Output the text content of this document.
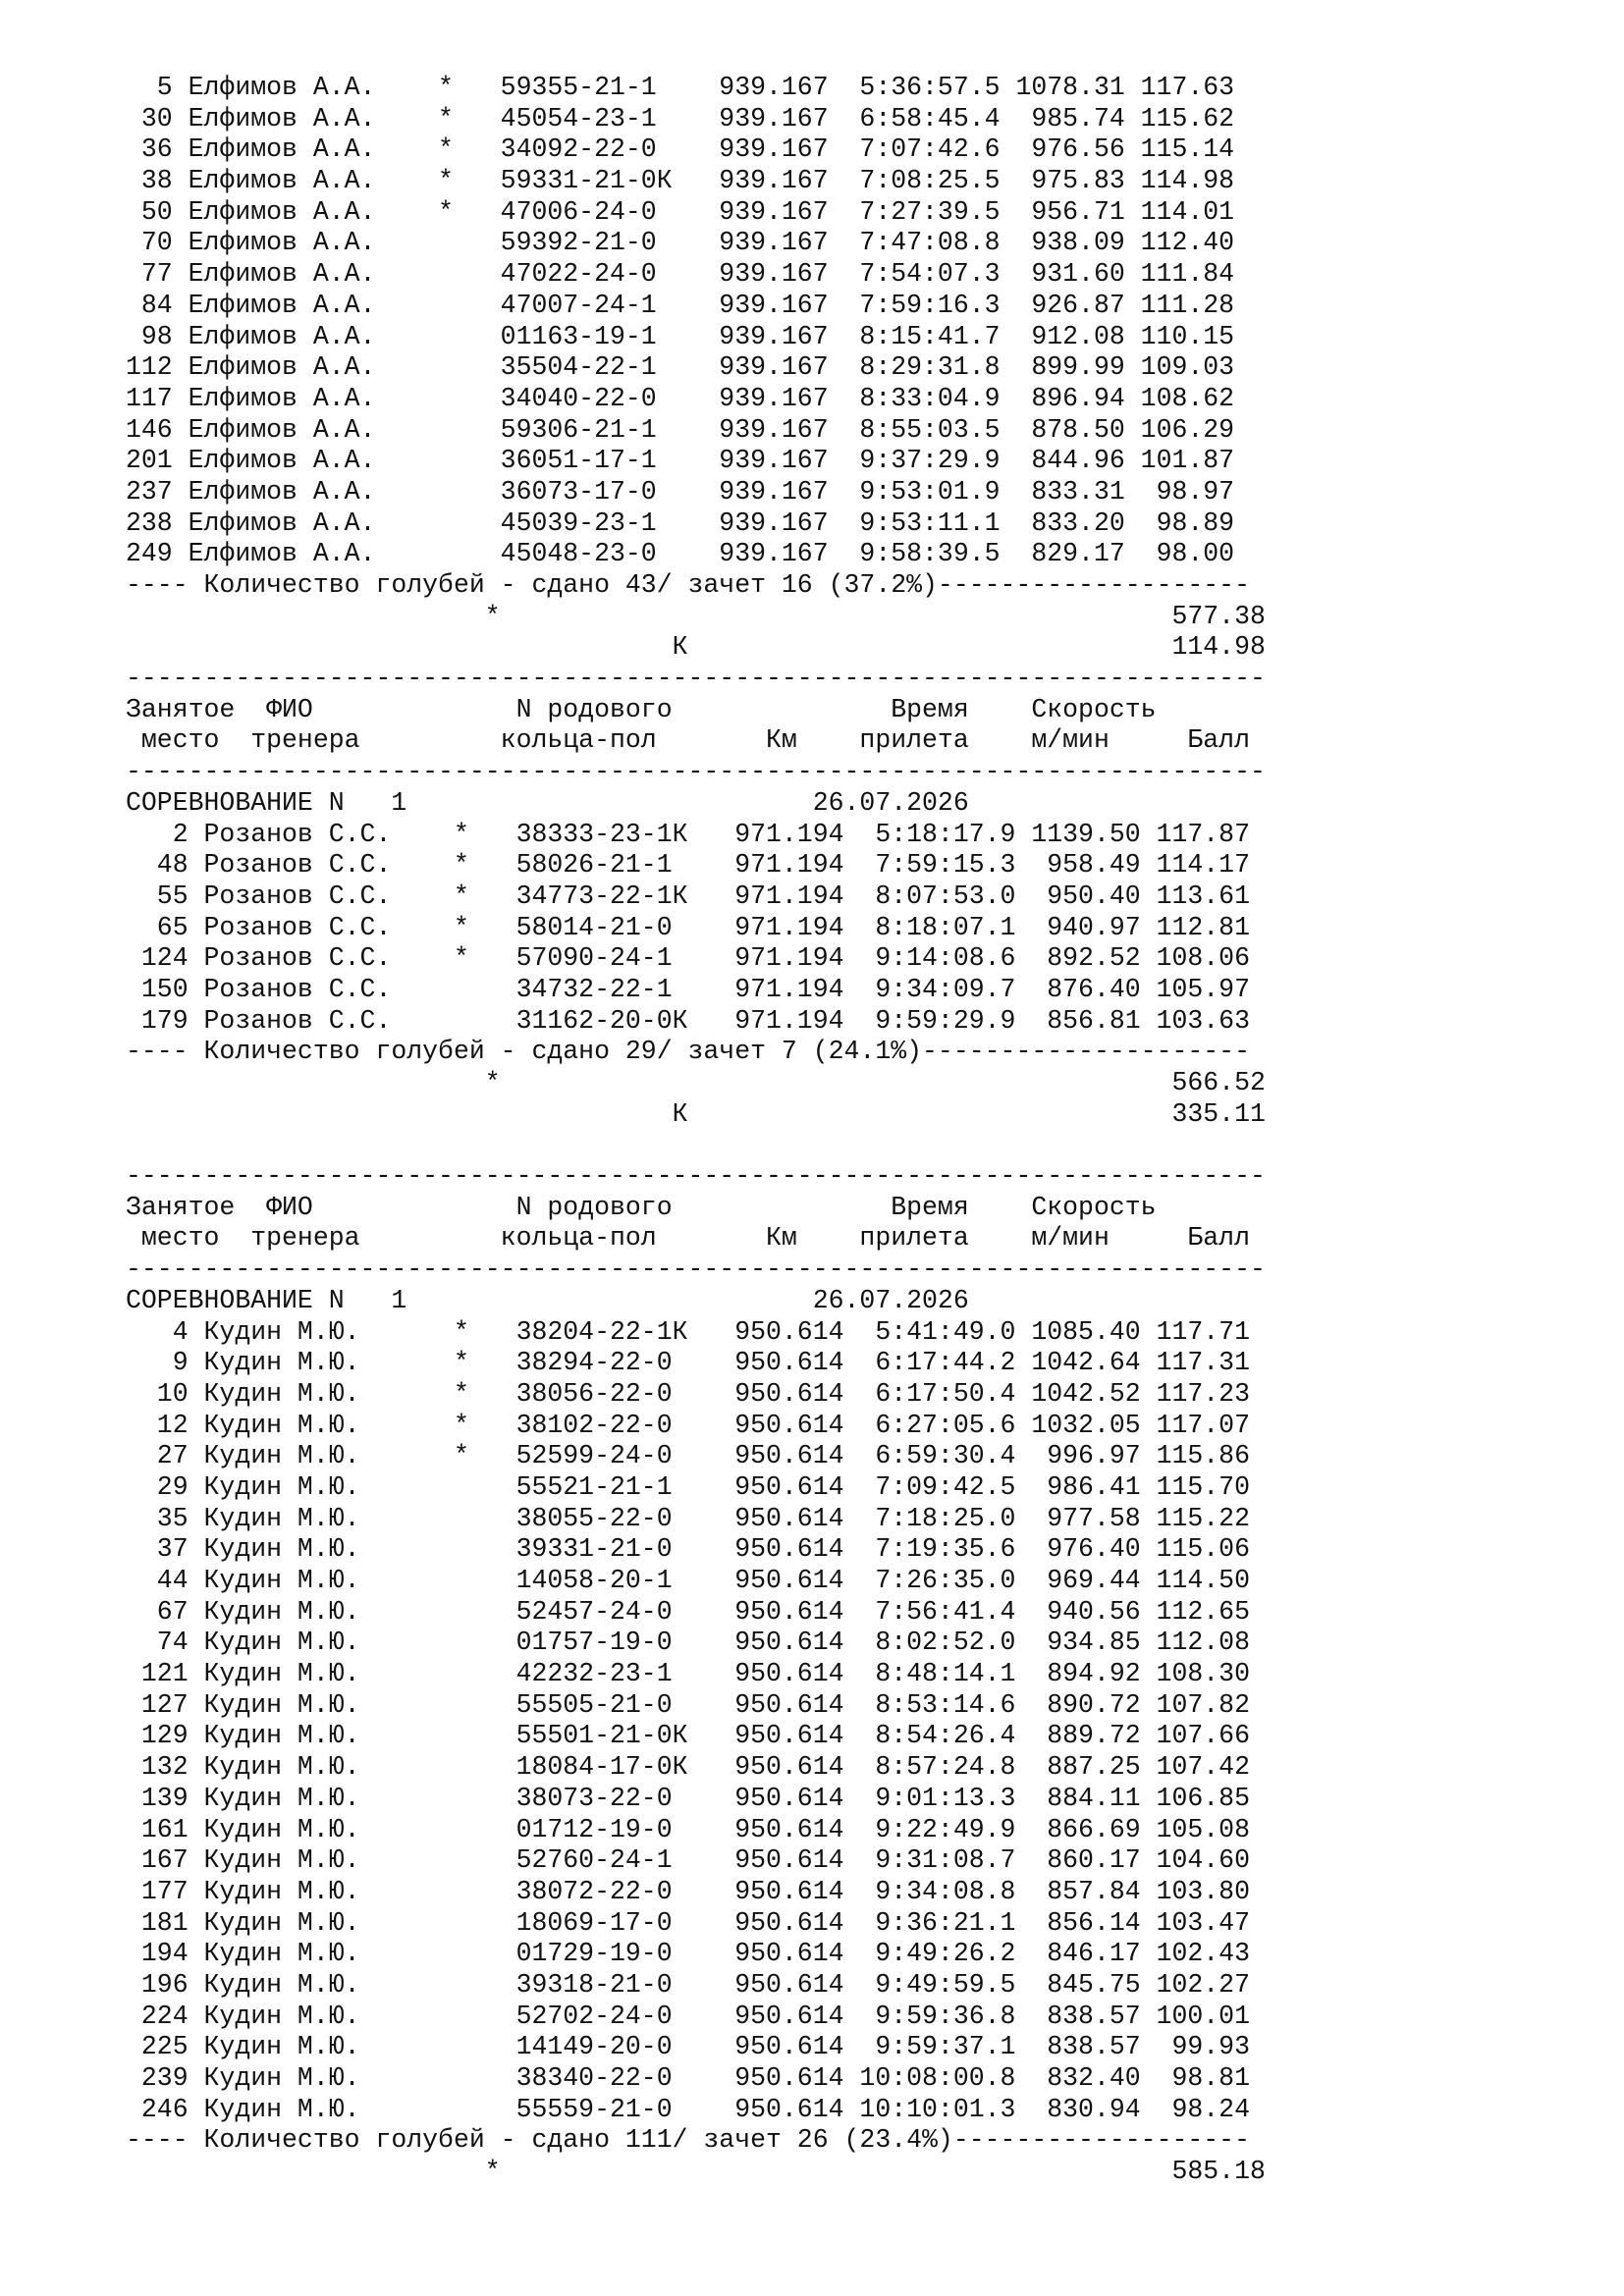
5 Елфимов А.А.    *   59355-21-1    939.167  5:36:57.5 1078.31 117.63
30 Елфимов А.А.    *   45054-23-1    939.167  6:58:45.4  985.74 115.62
36 Елфимов А.А.    *   34092-22-0    939.167  7:07:42.6  976.56 115.14
38 Елфимов А.А.    *   59331-21-0К   939.167  7:08:25.5  975.83 114.98
50 Елфимов А.А.    *   47006-24-0    939.167  7:27:39.5  956.71 114.01
70 Елфимов А.А.        59392-21-0    939.167  7:47:08.8  938.09 112.40
77 Елфимов А.А.        47022-24-0    939.167  7:54:07.3  931.60 111.84
84 Елфимов А.А.        47007-24-1    939.167  7:59:16.3  926.87 111.28
98 Елфимов А.А.        01163-19-1    939.167  8:15:41.7  912.08 110.15
112 Елфимов А.А.        35504-22-1    939.167  8:29:31.8  899.99 109.03
117 Елфимов А.А.        34040-22-0    939.167  8:33:04.9  896.94 108.62
146 Елфимов А.А.        59306-21-1    939.167  8:55:03.5  878.50 106.29
201 Елфимов А.А.        36051-17-1    939.167  9:37:29.9  844.96 101.87
237 Елфимов А.А.        36073-17-0    939.167  9:53:01.9  833.31  98.97
238 Елфимов А.А.        45039-23-1    939.167  9:53:11.1  833.20  98.89
249 Елфимов А.А.        45048-23-0    939.167  9:58:39.5  829.17  98.00
---- Количество голубей - сдано 43/ зачет 16 (37.2%)--------------------
*                                           577.38
К                               114.98
-------------------------------------------------------------------------
Занятое  ФИО             N родового              Время    Скорость
место  тренера         кольца-пол       Км    прилета    м/мин     Балл
-------------------------------------------------------------------------
СОРЕВНОВАНИЕ N   1                          26.07.2026
2 Розанов С.С.    *   38333-23-1К   971.194  5:18:17.9 1139.50 117.87
48 Розанов С.С.    *   58026-21-1    971.194  7:59:15.3  958.49 114.17
55 Розанов С.С.    *   34773-22-1К   971.194  8:07:53.0  950.40 113.61
65 Розанов С.С.    *   58014-21-0    971.194  8:18:07.1  940.97 112.81
124 Розанов С.С.    *   57090-24-1    971.194  9:14:08.6  892.52 108.06
150 Розанов С.С.        34732-22-1    971.194  9:34:09.7  876.40 105.97
179 Розанов С.С.        31162-20-0К   971.194  9:59:29.9  856.81 103.63
---- Количество голубей - сдано 29/ зачет 7 (24.1%)---------------------
*                                           566.52
К                               335.11

-------------------------------------------------------------------------
Занятое  ФИО             N родового              Время    Скорость
место  тренера         кольца-пол       Км    прилета    м/мин     Балл
-------------------------------------------------------------------------
СОРЕВНОВАНИЕ N   1                          26.07.2026
4 Кудин М.Ю.      *   38204-22-1К   950.614  5:41:49.0 1085.40 117.71
9 Кудин М.Ю.      *   38294-22-0    950.614  6:17:44.2 1042.64 117.31
10 Кудин М.Ю.      *   38056-22-0    950.614  6:17:50.4 1042.52 117.23
12 Кудин М.Ю.      *   38102-22-0    950.614  6:27:05.6 1032.05 117.07
27 Кудин М.Ю.      *   52599-24-0    950.614  6:59:30.4  996.97 115.86
29 Кудин М.Ю.          55521-21-1    950.614  7:09:42.5  986.41 115.70
35 Кудин М.Ю.          38055-22-0    950.614  7:18:25.0  977.58 115.22
37 Кудин М.Ю.          39331-21-0    950.614  7:19:35.6  976.40 115.06
44 Кудин М.Ю.          14058-20-1    950.614  7:26:35.0  969.44 114.50
67 Кудин М.Ю.          52457-24-0    950.614  7:56:41.4  940.56 112.65
74 Кудин М.Ю.          01757-19-0    950.614  8:02:52.0  934.85 112.08
121 Кудин М.Ю.          42232-23-1    950.614  8:48:14.1  894.92 108.30
127 Кудин М.Ю.          55505-21-0    950.614  8:53:14.6  890.72 107.82
129 Кудин М.Ю.          55501-21-0К   950.614  8:54:26.4  889.72 107.66
132 Кудин М.Ю.          18084-17-0К   950.614  8:57:24.8  887.25 107.42
139 Кудин М.Ю.          38073-22-0    950.614  9:01:13.3  884.11 106.85
161 Кудин М.Ю.          01712-19-0    950.614  9:22:49.9  866.69 105.08
167 Кудин М.Ю.          52760-24-1    950.614  9:31:08.7  860.17 104.60
177 Кудин М.Ю.          38072-22-0    950.614  9:34:08.8  857.84 103.80
181 Кудин М.Ю.          18069-17-0    950.614  9:36:21.1  856.14 103.47
194 Кудин М.Ю.          01729-19-0    950.614  9:49:26.2  846.17 102.43
196 Кудин М.Ю.          39318-21-0    950.614  9:49:59.5  845.75 102.27
224 Кудин М.Ю.          52702-24-0    950.614  9:59:36.8  838.57 100.01
225 Кудин М.Ю.          14149-20-0    950.614  9:59:37.1  838.57  99.93
239 Кудин М.Ю.          38340-22-0    950.614 10:08:00.8  832.40  98.81
246 Кудин М.Ю.          55559-21-0    950.614 10:10:01.3  830.94  98.24
---- Количество голубей - сдано 111/ зачет 26 (23.4%)-------------------
*                                           585.18
